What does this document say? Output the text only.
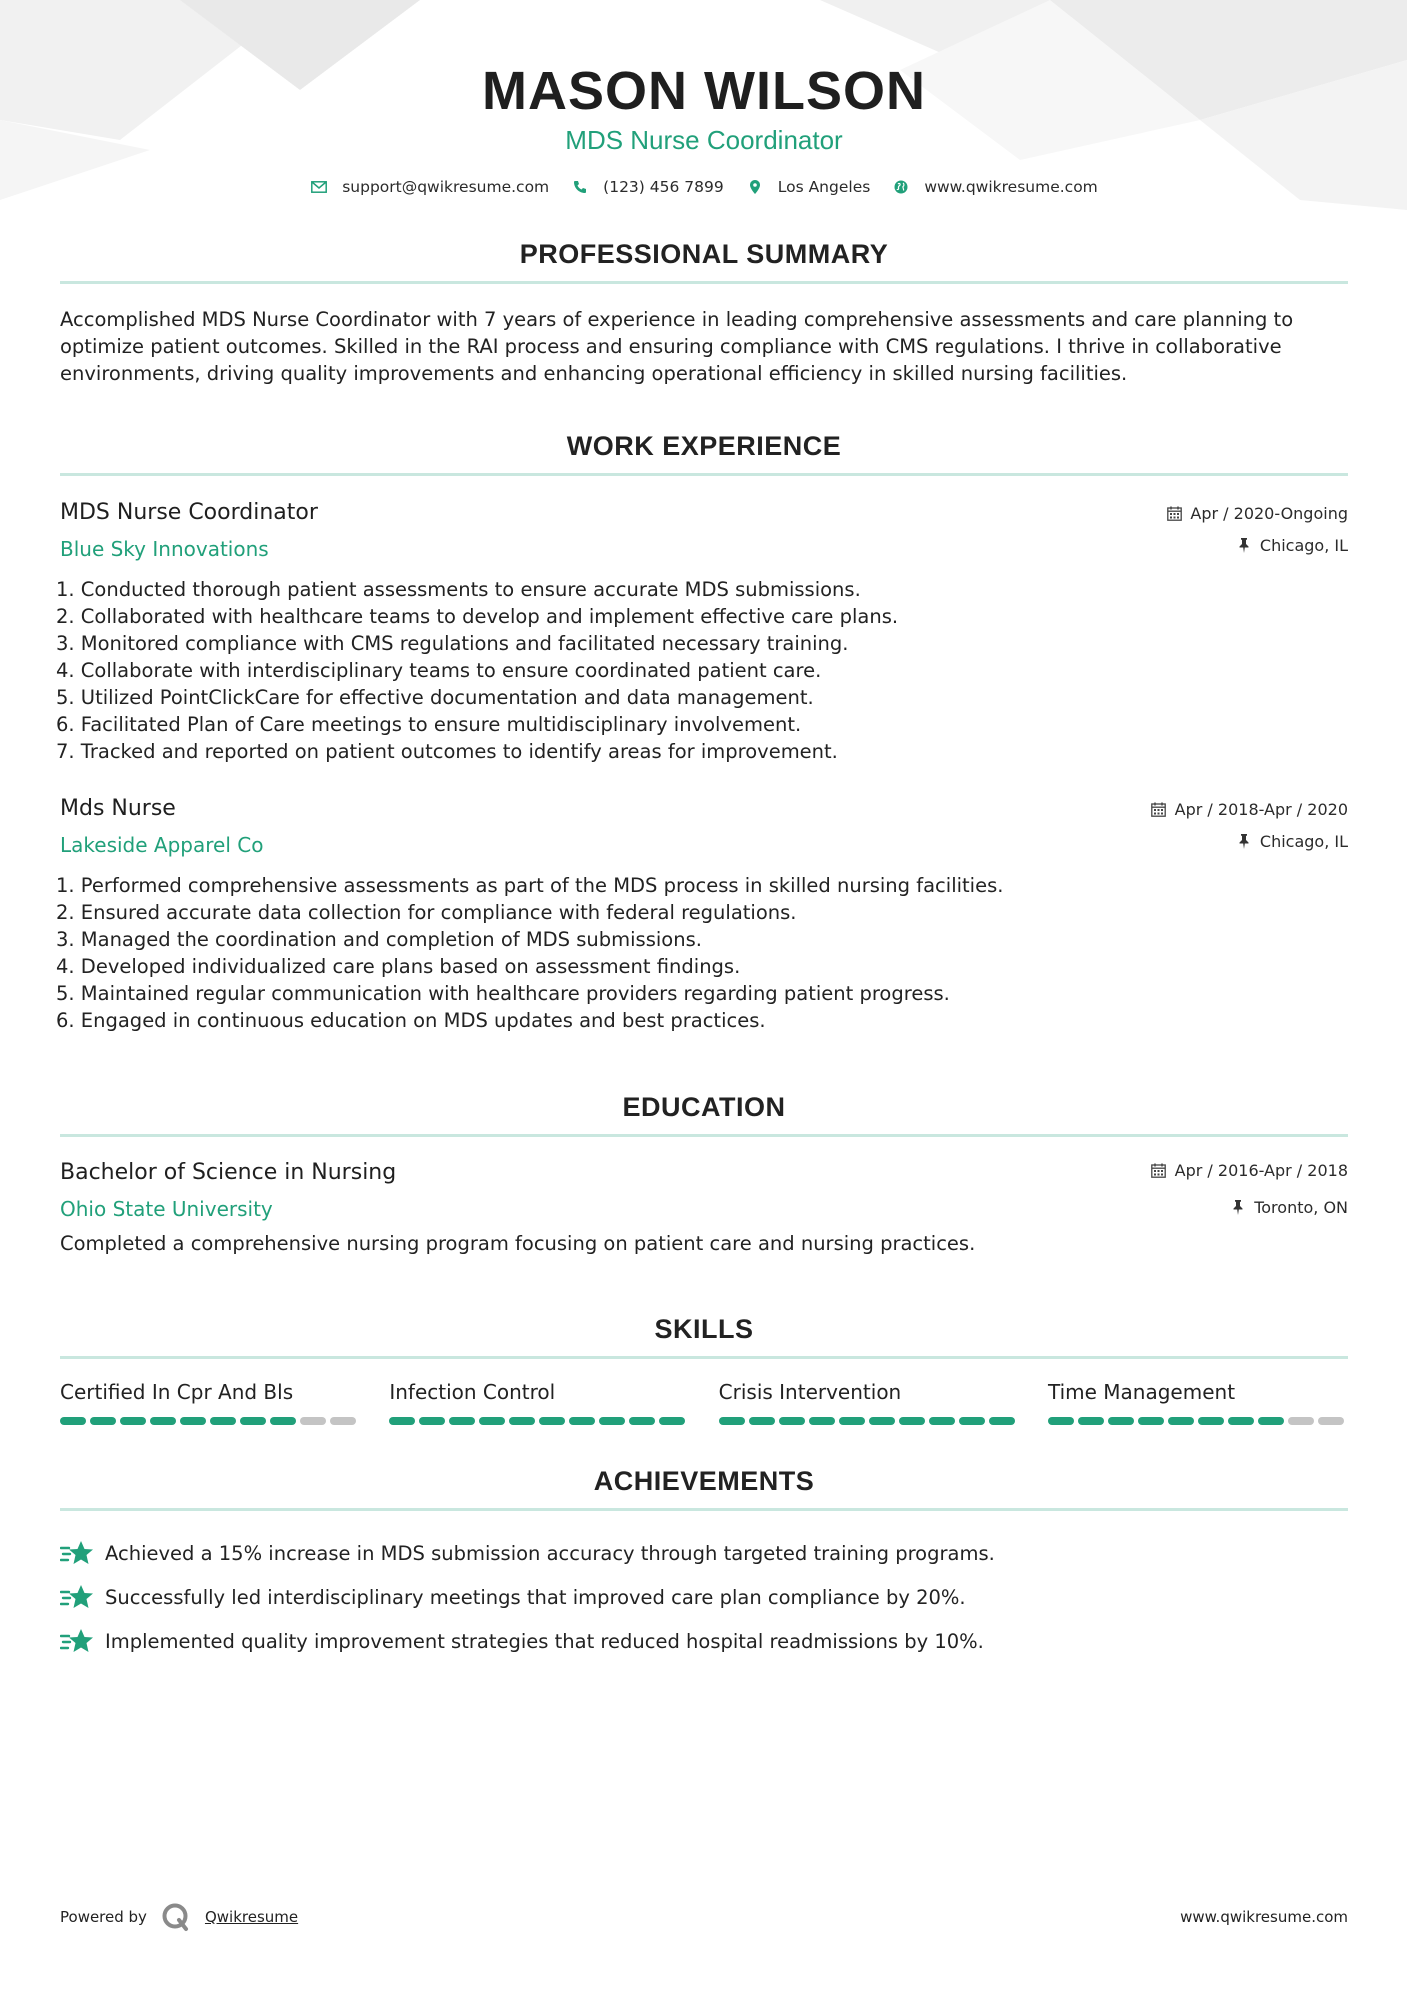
MASON WILSON
MDS Nurse Coordinator
support@qwikresume.com	(123) 456 7899	Los Angeles	www.qwikresume.com
PROFESSIONAL SUMMARY
Accomplished MDS Nurse Coordinator with 7 years of experience in leading comprehensive assessments and care planning to optimize patient outcomes. Skilled in the RAI process and ensuring compliance with CMS regulations. I thrive in collaborative environments, driving quality improvements and enhancing operational efficiency in skilled nursing facilities.
WORK EXPERIENCE
MDS Nurse Coordinator
Blue Sky Innovations
Apr / 2020-Ongoing
Chicago, IL
1. Conducted thorough patient assessments to ensure accurate MDS submissions.
2. Collaborated with healthcare teams to develop and implement effective care plans.
3. Monitored compliance with CMS regulations and facilitated necessary training.
4. Collaborate with interdisciplinary teams to ensure coordinated patient care.
5. Utilized PointClickCare for effective documentation and data management.
6. Facilitated Plan of Care meetings to ensure multidisciplinary involvement.
7. Tracked and reported on patient outcomes to identify areas for improvement.
Mds Nurse
Lakeside Apparel Co
Apr / 2018-Apr / 2020
Chicago, IL
1. Performed comprehensive assessments as part of the MDS process in skilled nursing facilities.
2. Ensured accurate data collection for compliance with federal regulations.
3. Managed the coordination and completion of MDS submissions.
4. Developed individualized care plans based on assessment findings.
5. Maintained regular communication with healthcare providers regarding patient progress.
6. Engaged in continuous education on MDS updates and best practices.
EDUCATION
Bachelor of Science in Nursing
Ohio State University
Apr / 2016-Apr / 2018
Toronto, ON
Completed a comprehensive nursing program focusing on patient care and nursing practices.
SKILLS
Certified In Cpr And Bls	Infection Control	Crisis Intervention	Time Management
ACHIEVEMENTS
Achieved a 15% increase in MDS submission accuracy through targeted training programs.
Successfully led interdisciplinary meetings that improved care plan compliance by 20%.
Implemented quality improvement strategies that reduced hospital readmissions by 10%.
Powered by	Qwikresume	www.qwikresume.com
